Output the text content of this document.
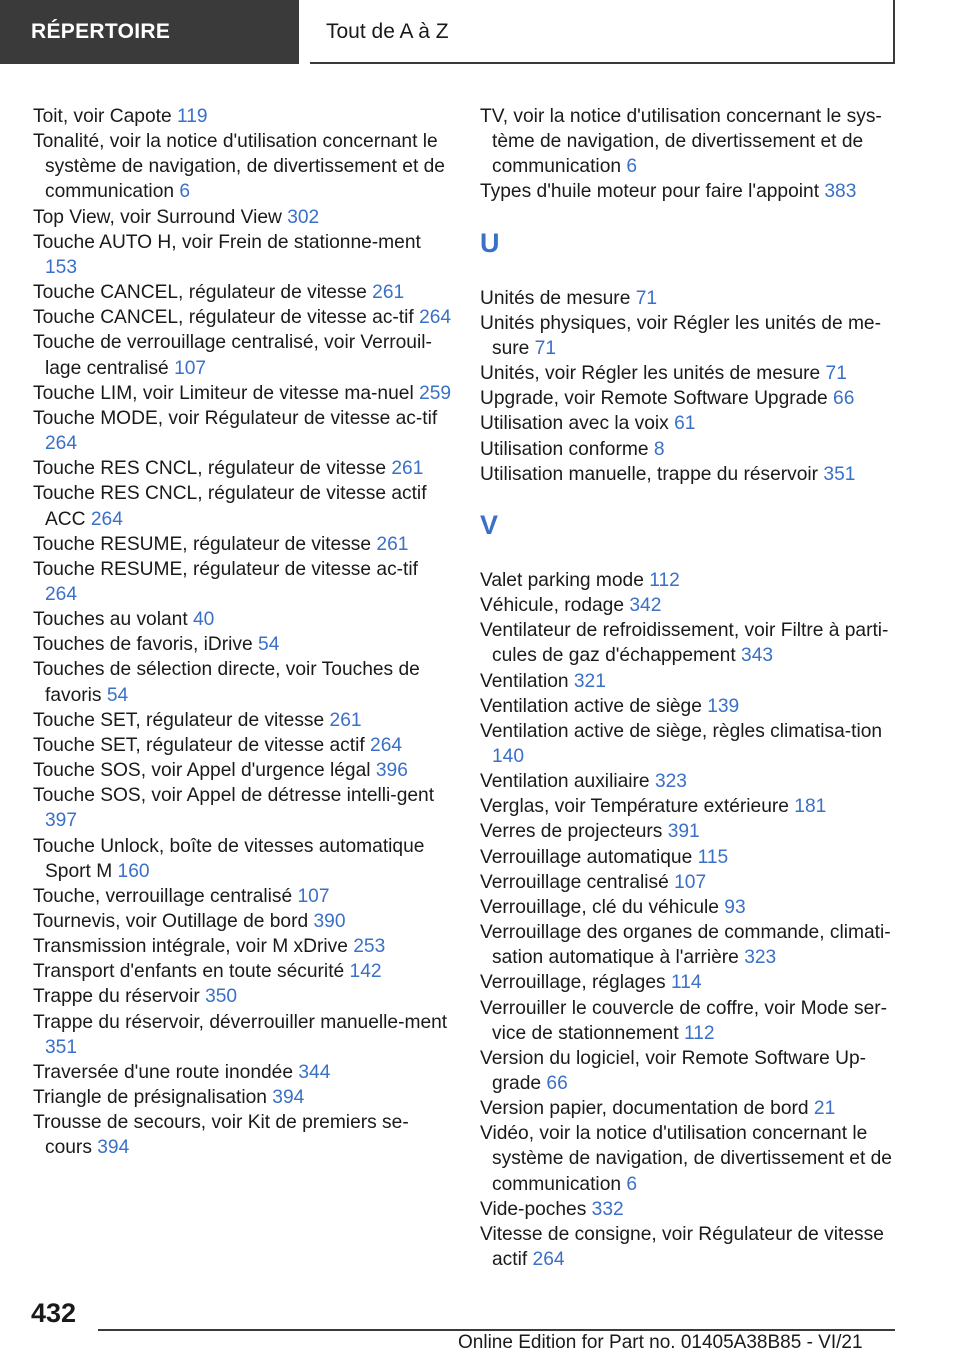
RÉPERTOIRE	Tout de A à Z

Toit, voir Capote 119

Tonalité, voir la notice d'utilisation concernant le système de navigation, de divertissement et de communication 6

Top View, voir Surround View 302

Touche AUTO H, voir Frein de stationne-ment 153

Touche CANCEL, régulateur de vitesse 261

Touche CANCEL, régulateur de vitesse ac-tif 264

Touche de verrouillage centralisé, voir Verrouil-lage centralisé 107

Touche LIM, voir Limiteur de vitesse ma-nuel 259

Touche MODE, voir Régulateur de vitesse ac-tif 264

Touche RES CNCL, régulateur de vitesse 261

Touche RES CNCL, régulateur de vitesse actif ACC 264

Touche RESUME, régulateur de vitesse 261

Touche RESUME, régulateur de vitesse ac-tif 264

Touches au volant 40

Touches de favoris, iDrive 54

Touches de sélection directe, voir Touches de favoris 54

Touche SET, régulateur de vitesse 261

Touche SET, régulateur de vitesse actif 264

Touche SOS, voir Appel d'urgence légal 396

Touche SOS, voir Appel de détresse intelli-gent 397

Touche Unlock, boîte de vitesses automatique Sport M 160

Touche, verrouillage centralisé 107

Tournevis, voir Outillage de bord 390

Transmission intégrale, voir M xDrive 253

Transport d'enfants en toute sécurité 142

Trappe du réservoir 350

Trappe du réservoir, déverrouiller manuelle-ment 351

Traversée d'une route inondée 344

Triangle de présignalisation 394

Trousse de secours, voir Kit de premiers se-cours 394

TV, voir la notice d'utilisation concernant le sys-tème de navigation, de divertissement et de communication 6

Types d'huile moteur pour faire l'appoint 383

U

Unités de mesure 71

Unités physiques, voir Régler les unités de me-sure 71

Unités, voir Régler les unités de mesure 71

Upgrade, voir Remote Software Upgrade 66

Utilisation avec la voix 61

Utilisation conforme 8

Utilisation manuelle, trappe du réservoir 351

V

Valet parking mode 112

Véhicule, rodage 342

Ventilateur de refroidissement, voir Filtre à parti-cules de gaz d'échappement 343

Ventilation 321

Ventilation active de siège 139

Ventilation active de siège, règles climatisa-tion 140

Ventilation auxiliaire 323

Verglas, voir Température extérieure 181

Verres de projecteurs 391

Verrouillage automatique 115

Verrouillage centralisé 107

Verrouillage, clé du véhicule 93

Verrouillage des organes de commande, climati-sation automatique à l'arrière 323

Verrouillage, réglages 114

Verrouiller le couvercle de coffre, voir Mode ser-vice de stationnement 112

Version du logiciel, voir Remote Software Up-grade 66

Version papier, documentation de bord 21

Vidéo, voir la notice d'utilisation concernant le système de navigation, de divertissement et de communication 6

Vide-poches 332

Vitesse de consigne, voir Régulateur de vitesse actif 264

432
Online Edition for Part no. 01405A38B85 - VI/21
